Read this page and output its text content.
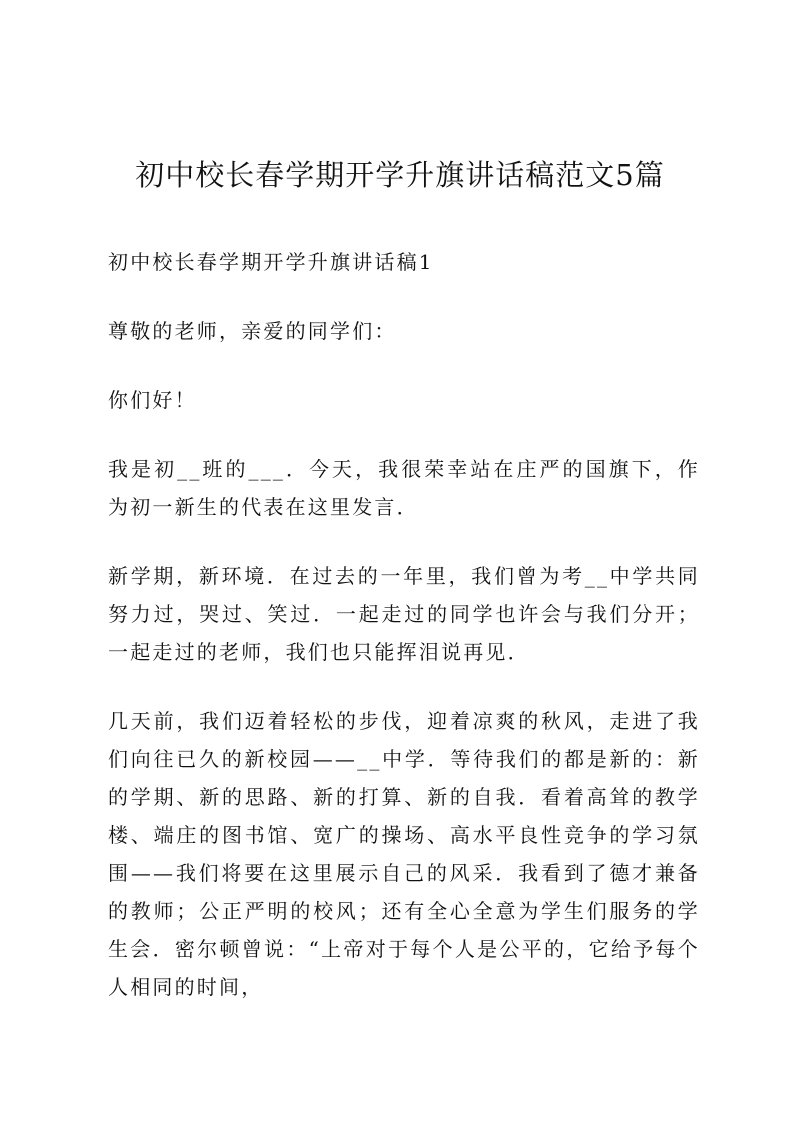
初中校长春学期开学升旗讲话稿范文5篇

初中校长春学期开学升旗讲话稿1

尊敬的老师，亲爱的同学们：

你们好！

我是初__班的___．今天，我很荣幸站在庄严的国旗下，作为初一新生的代表在这里发言．

新学期，新环境．在过去的一年里，我们曾为考__中学共同努力过，哭过、笑过．一起走过的同学也许会与我们分开；一起走过的老师，我们也只能挥泪说再见．

几天前，我们迈着轻松的步伐，迎着凉爽的秋风，走进了我们向往已久的新校园——__中学．等待我们的都是新的：新的学期、新的思路、新的打算、新的自我．看着高耸的教学楼、端庄的图书馆、宽广的操场、高水平良性竞争的学习氛围——我们将要在这里展示自己的风采．我看到了德才兼备的教师；公正严明的校风；还有全心全意为学生们服务的学生会．密尔顿曾说：“上帝对于每个人是公平的，它给予每个人相同的时间，
